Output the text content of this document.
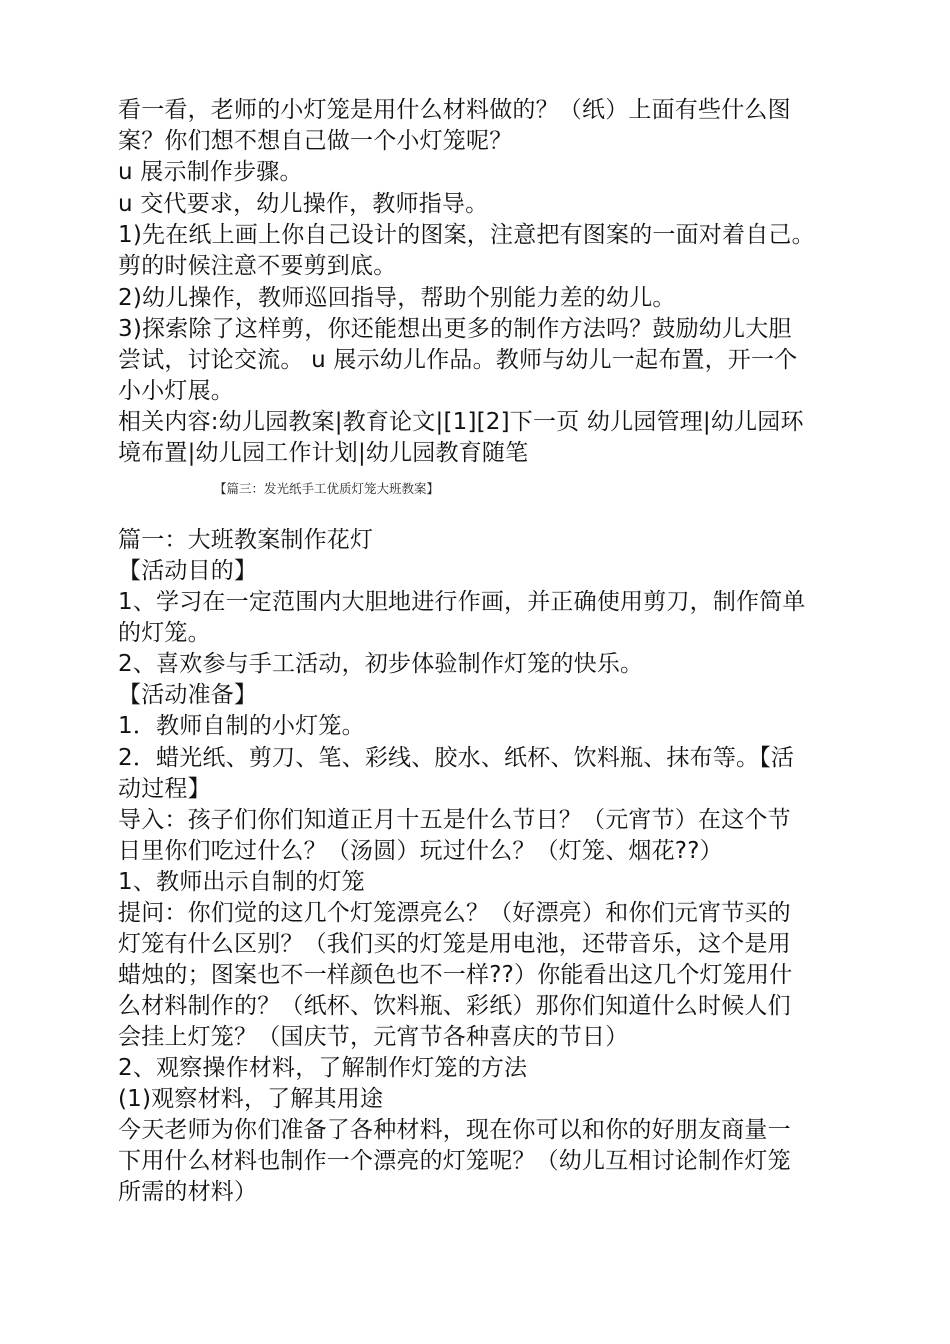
看一看，老师的小灯笼是用什么材料做的？（纸）上面有些什么图
案？你们想不想自己做一个小灯笼呢？
u 展示制作步骤。
u 交代要求，幼儿操作，教师指导。
1)先在纸上画上你自己设计的图案，注意把有图案的一面对着自己。
剪的时候注意不要剪到底。
2)幼儿操作，教师巡回指导，帮助个别能力差的幼儿。
3)探索除了这样剪，你还能想出更多的制作方法吗？鼓励幼儿大胆
尝试，讨论交流。 u 展示幼儿作品。教师与幼儿一起布置，开一个
小小灯展。
相关内容:幼儿园教案|教育论文|[1][2]下一页 幼儿园管理|幼儿园环
境布置|幼儿园工作计划|幼儿园教育随笔
【篇三：发光纸手工优质灯笼大班教案】
篇一：大班教案制作花灯
【活动目的】
1、学习在一定范围内大胆地进行作画，并正确使用剪刀，制作简单
的灯笼。
2、喜欢参与手工活动，初步体验制作灯笼的快乐。
【活动准备】
1．教师自制的小灯笼。
2．蜡光纸、剪刀、笔、彩线、胶水、纸杯、饮料瓶、抹布等。【活
动过程】
导入：孩子们你们知道正月十五是什么节日？（元宵节）在这个节
日里你们吃过什么？（汤圆）玩过什么？（灯笼、烟花??）
1、教师出示自制的灯笼
提问：你们觉的这几个灯笼漂亮么？（好漂亮）和你们元宵节买的
灯笼有什么区别？（我们买的灯笼是用电池，还带音乐，这个是用
蜡烛的；图案也不一样颜色也不一样??）你能看出这几个灯笼用什
么材料制作的？（纸杯、饮料瓶、彩纸）那你们知道什么时候人们
会挂上灯笼？（国庆节，元宵节各种喜庆的节日）
2、观察操作材料，了解制作灯笼的方法
(1)观察材料，了解其用途
今天老师为你们准备了各种材料，现在你可以和你的好朋友商量一
下用什么材料也制作一个漂亮的灯笼呢？（幼儿互相讨论制作灯笼
所需的材料）
